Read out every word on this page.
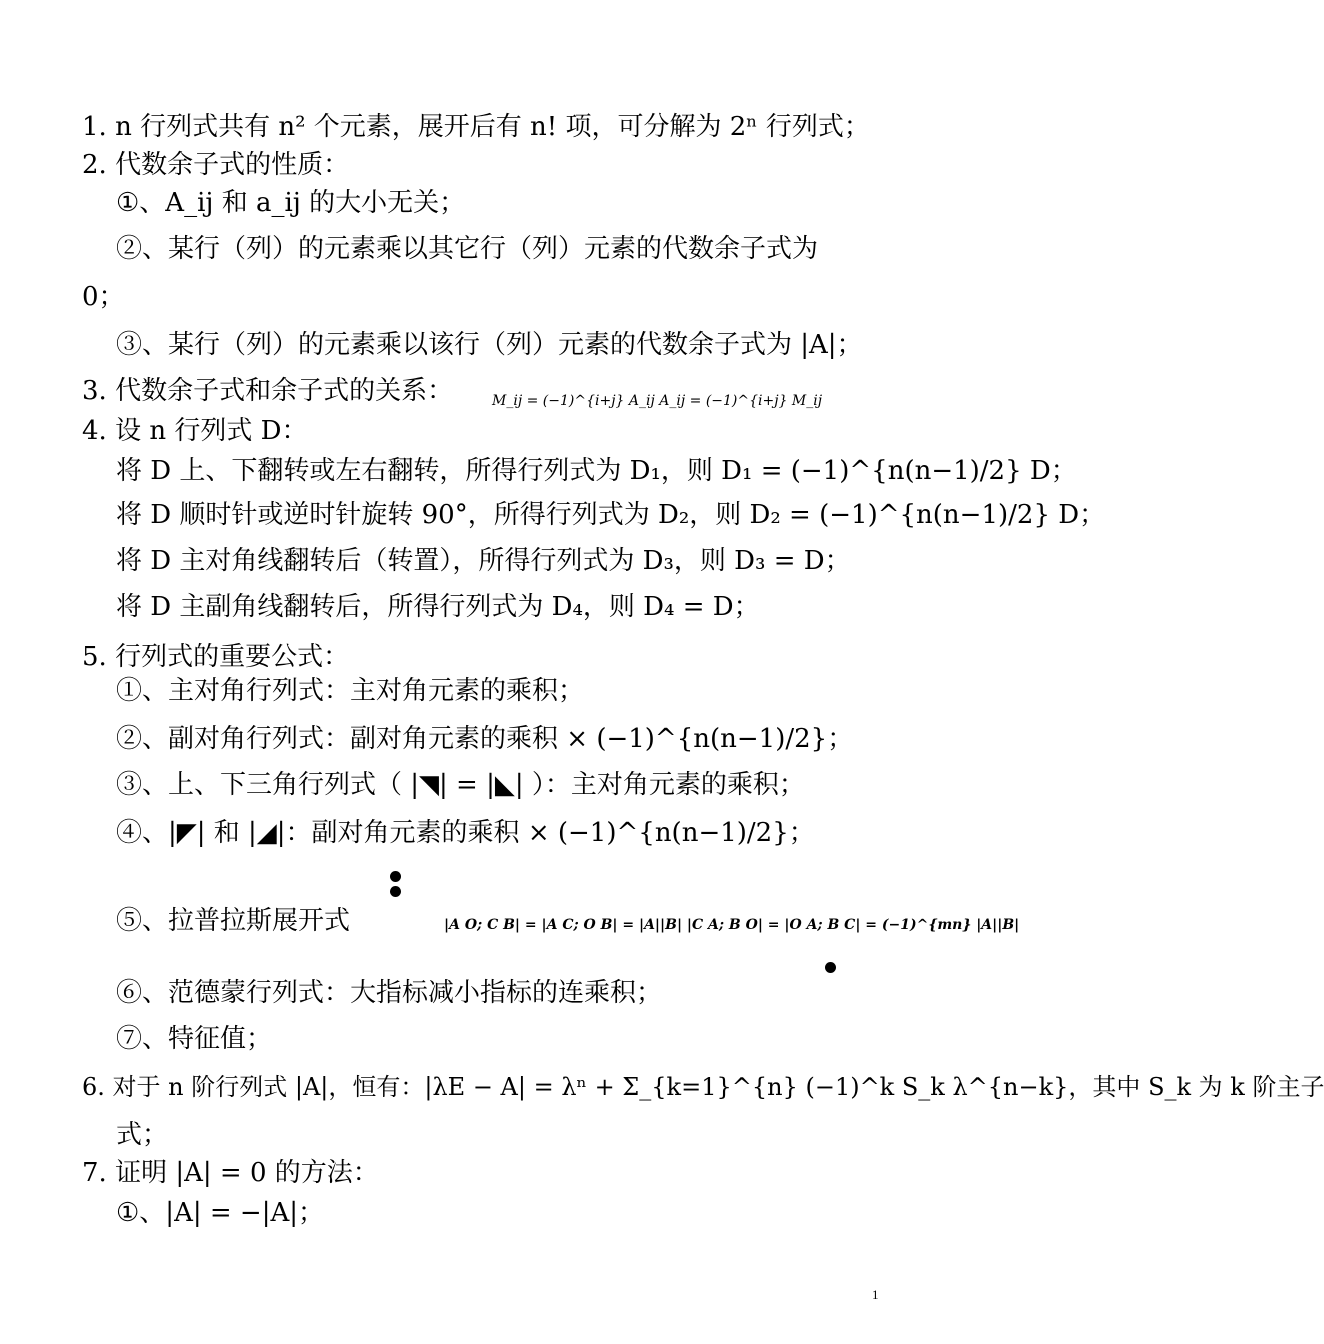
1. n 行列式共有 n² 个元素，展开后有 n! 项，可分解为 2ⁿ 行列式；
2. 代数余子式的性质：
①、A_ij 和 a_ij 的大小无关；
②、某行（列）的元素乘以其它行（列）元素的代数余子式为
0；
③、某行（列）的元素乘以该行（列）元素的代数余子式为 |A|；
3. 代数余子式和余子式的关系：	M_ij = (−1)^{i+j} A_ij A_ij = (−1)^{i+j} M_ij
4. 设 n 行列式 D：
将 D 上、下翻转或左右翻转，所得行列式为 D₁，则 D₁ = (−1)^{n(n−1)/2} D；
将 D 顺时针或逆时针旋转 90°，所得行列式为 D₂，则 D₂ = (−1)^{n(n−1)/2} D；
将 D 主对角线翻转后（转置），所得行列式为 D₃，则 D₃ = D；
将 D 主副角线翻转后，所得行列式为 D₄，则 D₄ = D；
5. 行列式的重要公式：
①、主对角行列式：主对角元素的乘积；
②、副对角行列式：副对角元素的乘积 × (−1)^{n(n−1)/2}；
③、上、下三角行列式（ |◥| = |◣| ）：主对角元素的乘积；
④、|◤| 和 |◢|：副对角元素的乘积 × (−1)^{n(n−1)/2}；
⑤、拉普拉斯展开式	|A O; C B| = |A C; O B| = |A||B| |C A; B O| = |O A; B C| = (−1)^{mn} |A||B|
⑥、范德蒙行列式：大指标减小指标的连乘积；
⑦、特征值；
6. 对于 n 阶行列式 |A|，恒有：|λE − A| = λⁿ + Σ_{k=1}^{n} (−1)^k S_k λ^{n−k}，其中 S_k 为 k 阶主子
式；
7. 证明 |A| = 0 的方法：
①、|A| = −|A|；
1
